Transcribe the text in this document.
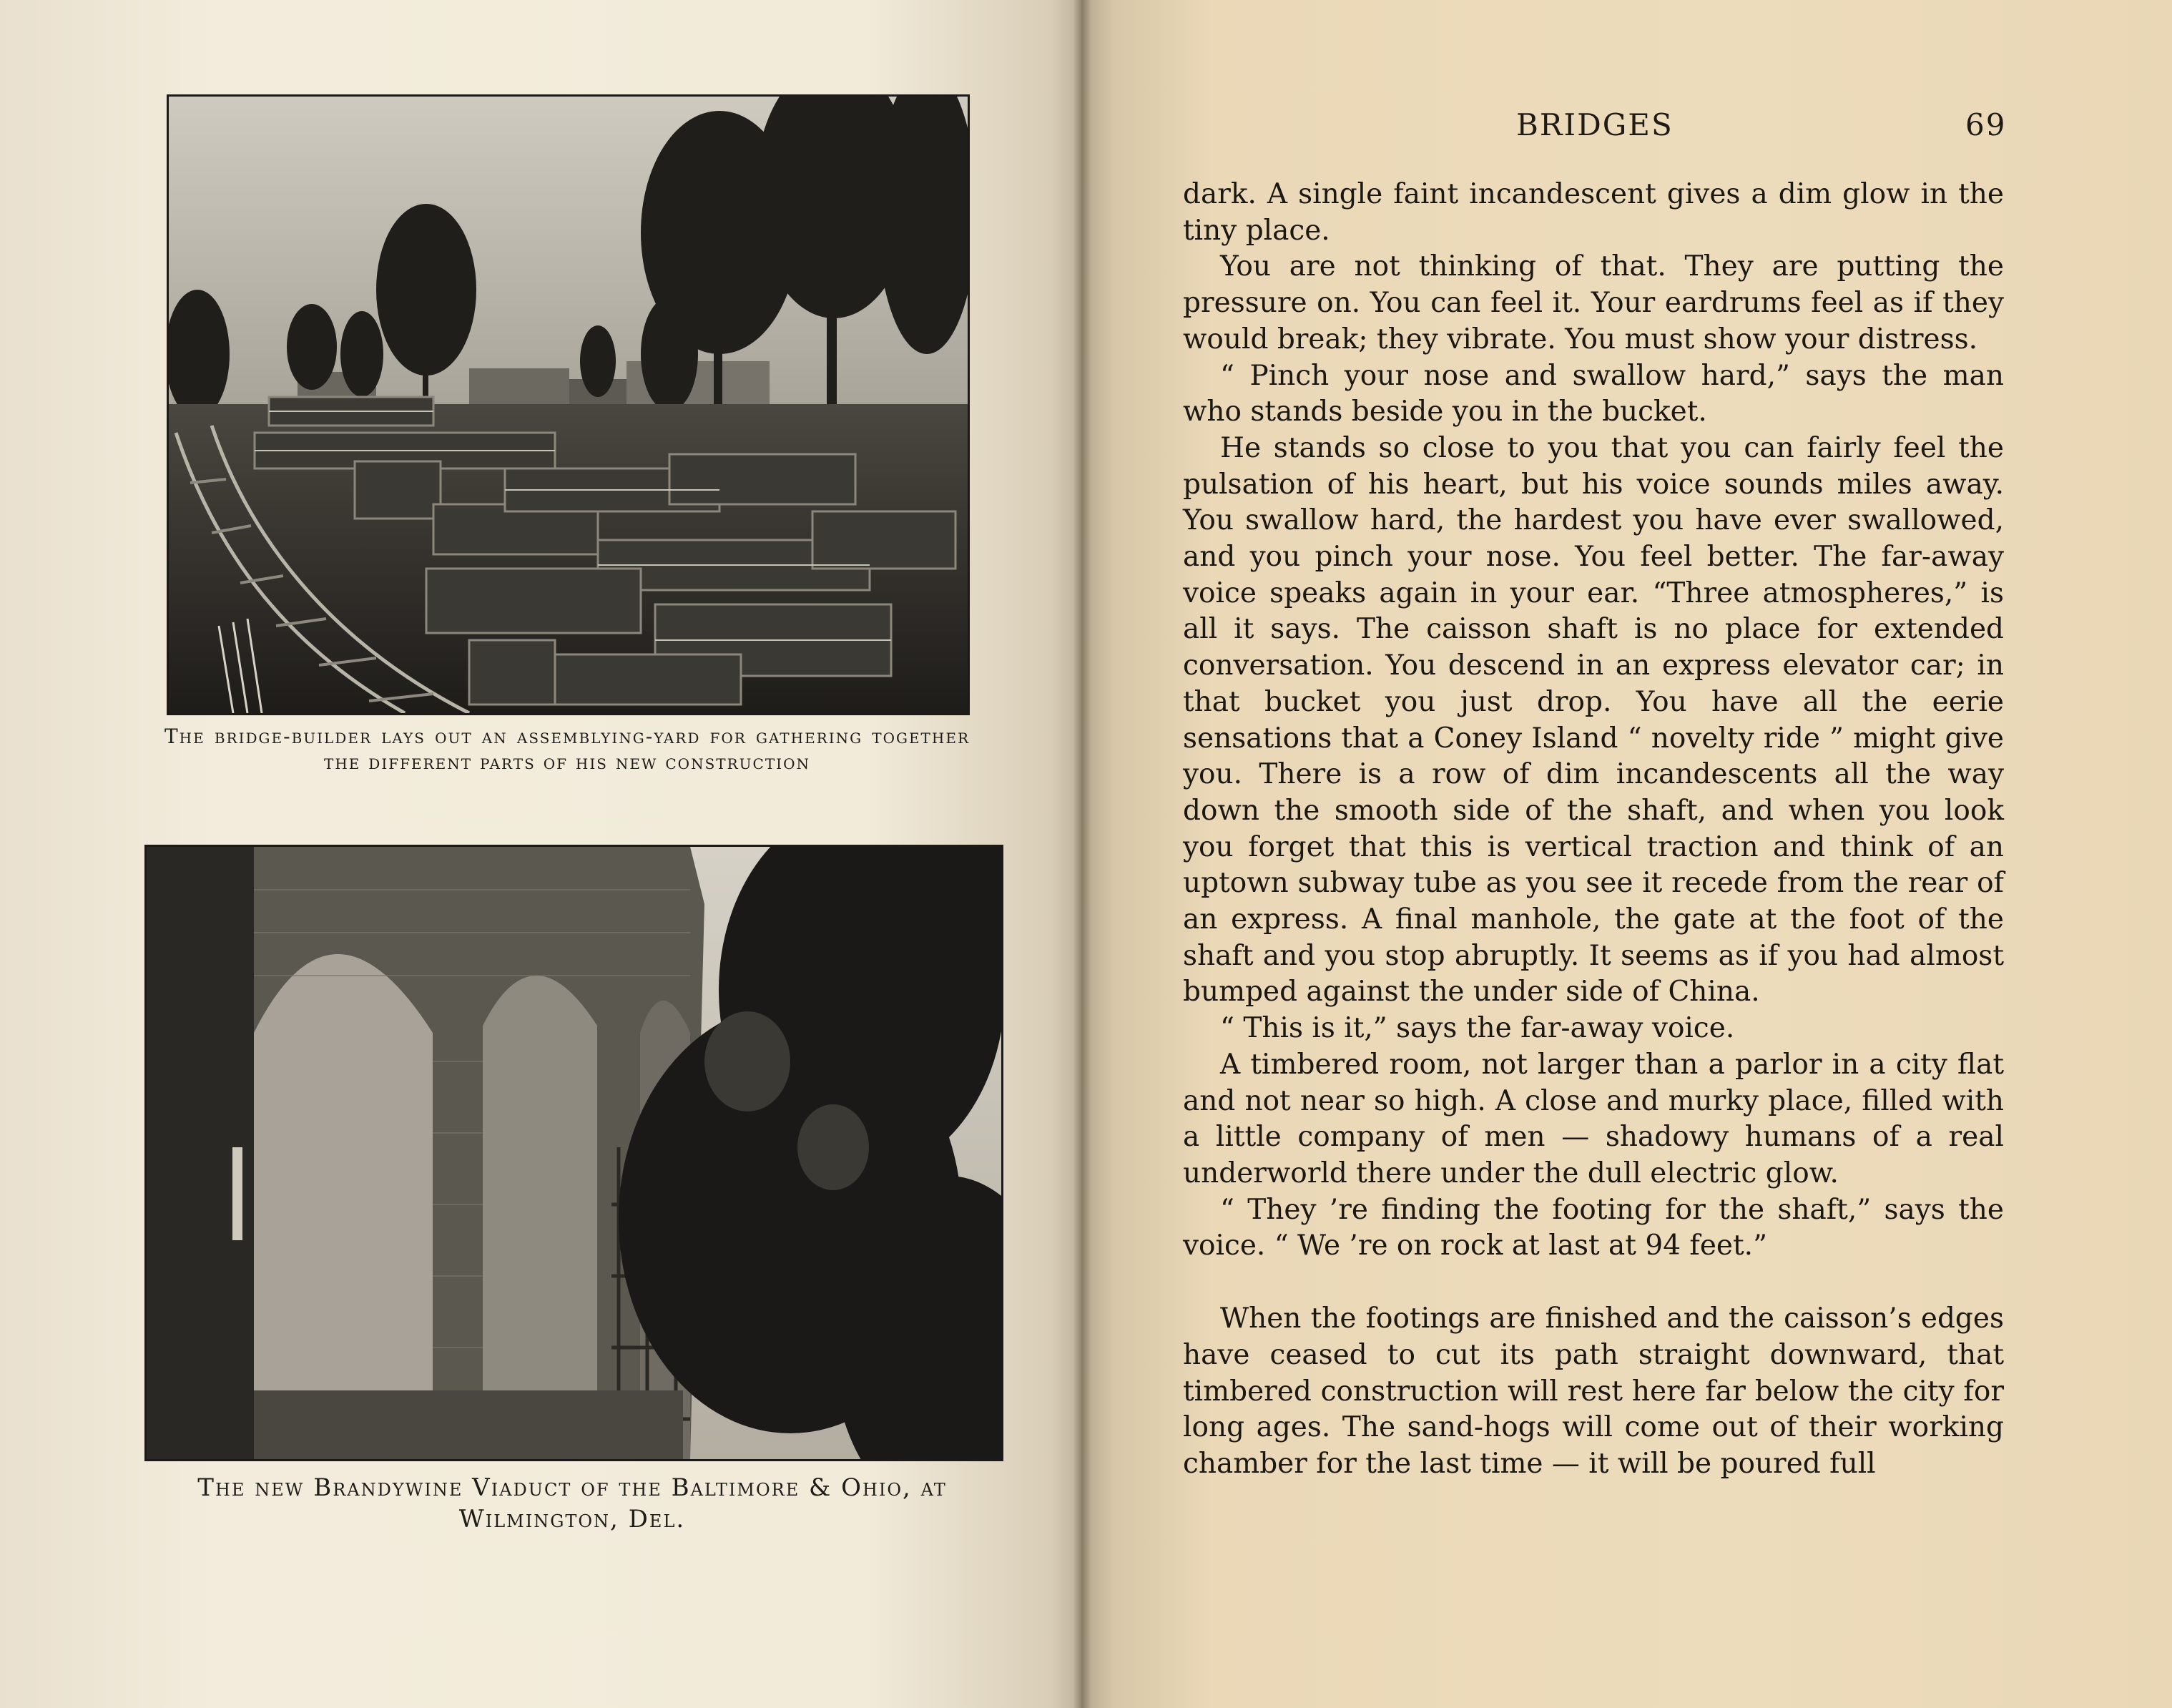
The bridge-builder lays out an assemblying-yard for gathering together the different parts of his new construction
The new Brandywine Viaduct of the Baltimore & Ohio, at Wilmington, Del.
BRIDGES	69

dark. A single faint incandescent gives a dim glow in the tiny place.

You are not thinking of that. They are putting the pressure on. You can feel it. Your eardrums feel as if they would break; they vibrate. You must show your distress.

“ Pinch your nose and swallow hard,” says the man who stands beside you in the bucket.

He stands so close to you that you can fairly feel the pulsation of his heart, but his voice sounds miles away. You swallow hard, the hardest you have ever swallowed, and you pinch your nose. You feel better. The far-away voice speaks again in your ear. “Three atmospheres,” is all it says. The caisson shaft is no place for extended conversation. You descend in an express elevator car; in that bucket you just drop. You have all the eerie sensations that a Coney Island “ novelty ride ” might give you. There is a row of dim incandescents all the way down the smooth side of the shaft, and when you look you forget that this is vertical traction and think of an uptown subway tube as you see it recede from the rear of an express. A final manhole, the gate at the foot of the shaft and you stop abruptly. It seems as if you had almost bumped against the under side of China.

“ This is it,” says the far-away voice.

A timbered room, not larger than a parlor in a city flat and not near so high. A close and murky place, filled with a little company of men — shadowy humans of a real underworld there under the dull electric glow.

“ They ’re finding the footing for the shaft,” says the voice. “ We ’re on rock at last at 94 feet.”

When the footings are finished and the caisson’s edges have ceased to cut its path straight downward, that timbered construction will rest here far below the city for long ages. The sand-hogs will come out of their working chamber for the last time — it will be poured full
